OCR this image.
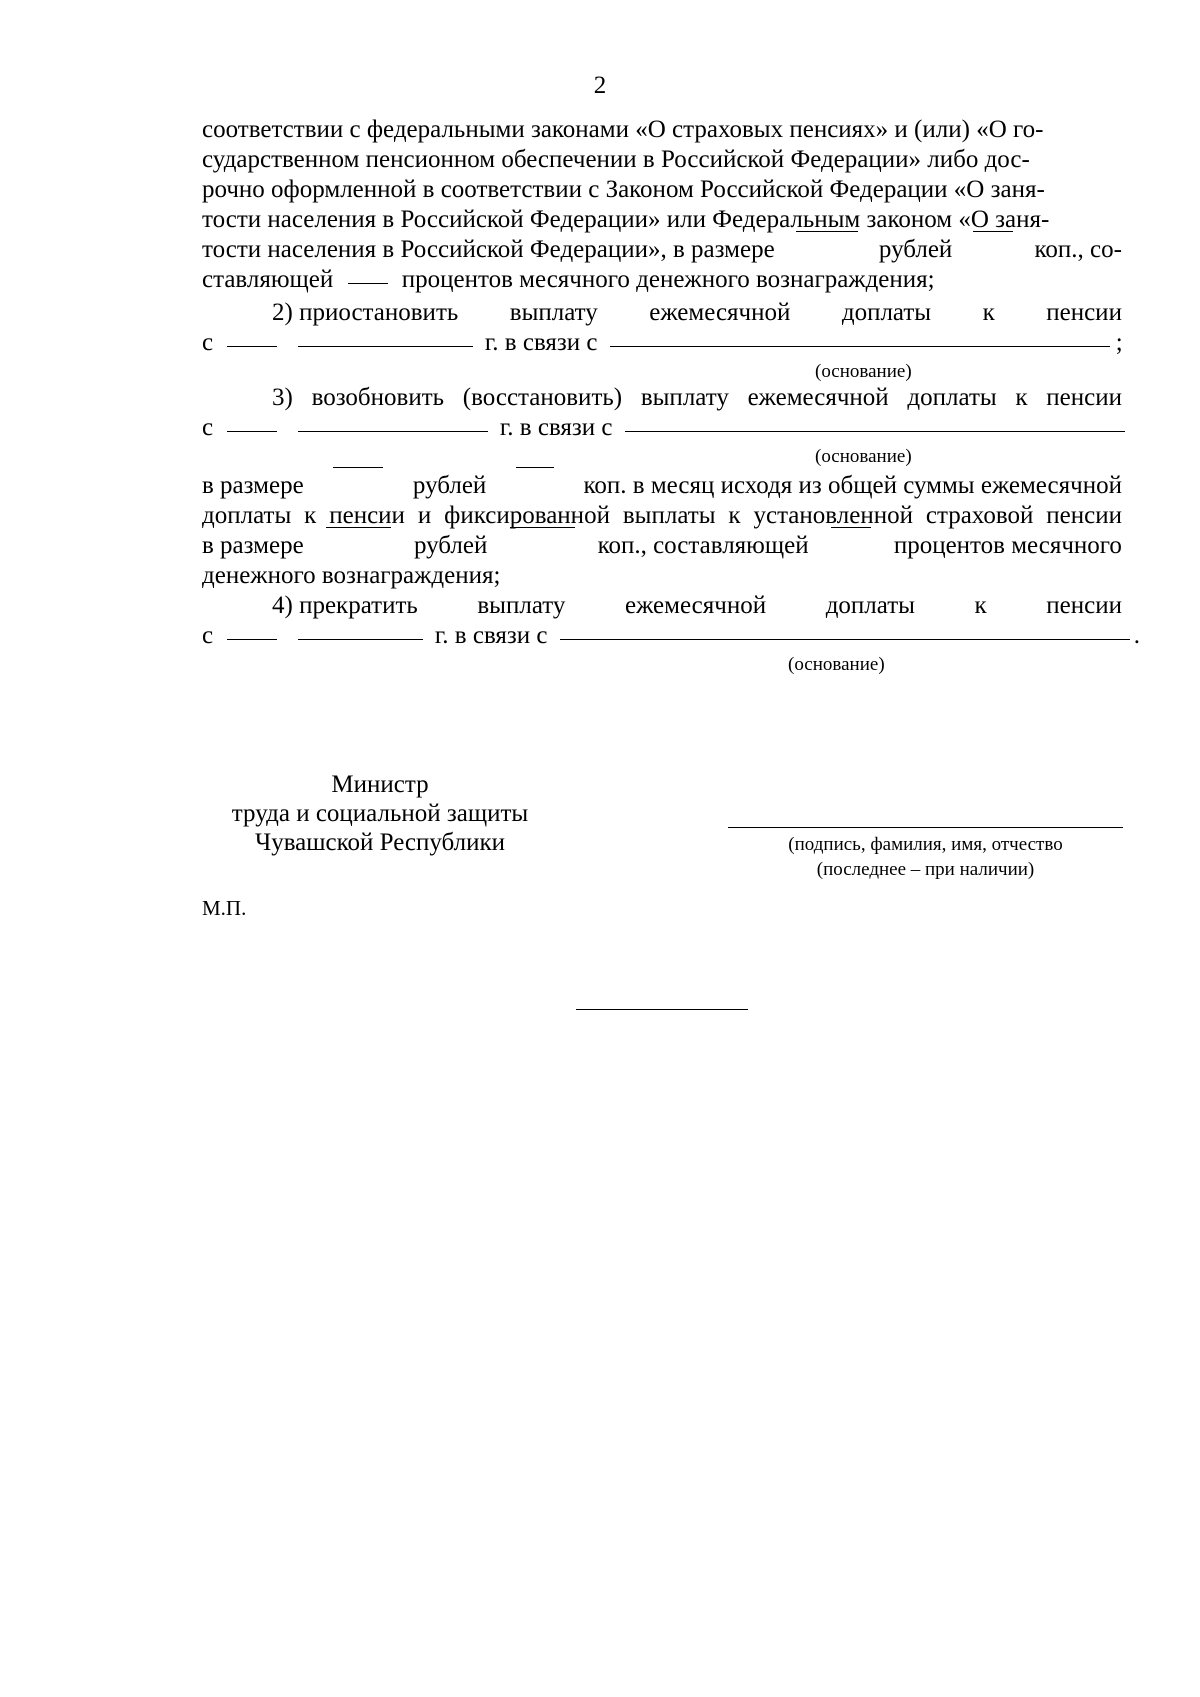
2
соответствии с федеральными законами «О страховых пенсиях» и (или) «О го-
сударственном пенсионном обеспечении в Российской Федерации» либо дос-
рочно оформленной в соответствии с Законом Российской Федерации «О заня-
тости населения в Российской Федерации» или Федеральным законом «О заня-
тости населения в Российской Федерации», в размере	рублей	коп., со-
ставляющей	процентов месячного денежного вознаграждения;
2) приостановить выплату ежемесячной доплаты к пенсии
с	г. в связи с	;
(основание)
3) возобновить (восстановить) выплату ежемесячной доплаты к пенсии
с	г. в связи с
(основание)
в размере	рублей	коп. в месяц исходя из общей суммы ежемесячной
доплаты к пенсии и фиксированной выплаты к установленной страховой пенсии
в размере	рублей	коп., составляющей	процентов месячного
денежного вознаграждения;
4) прекратить выплату ежемесячной доплаты к пенсии
с	г. в связи с	.
(основание)
Министр
труда и социальной защиты
Чувашской Республики	(подпись, фамилия, имя, отчество
(последнее – при наличии)
М.П.
